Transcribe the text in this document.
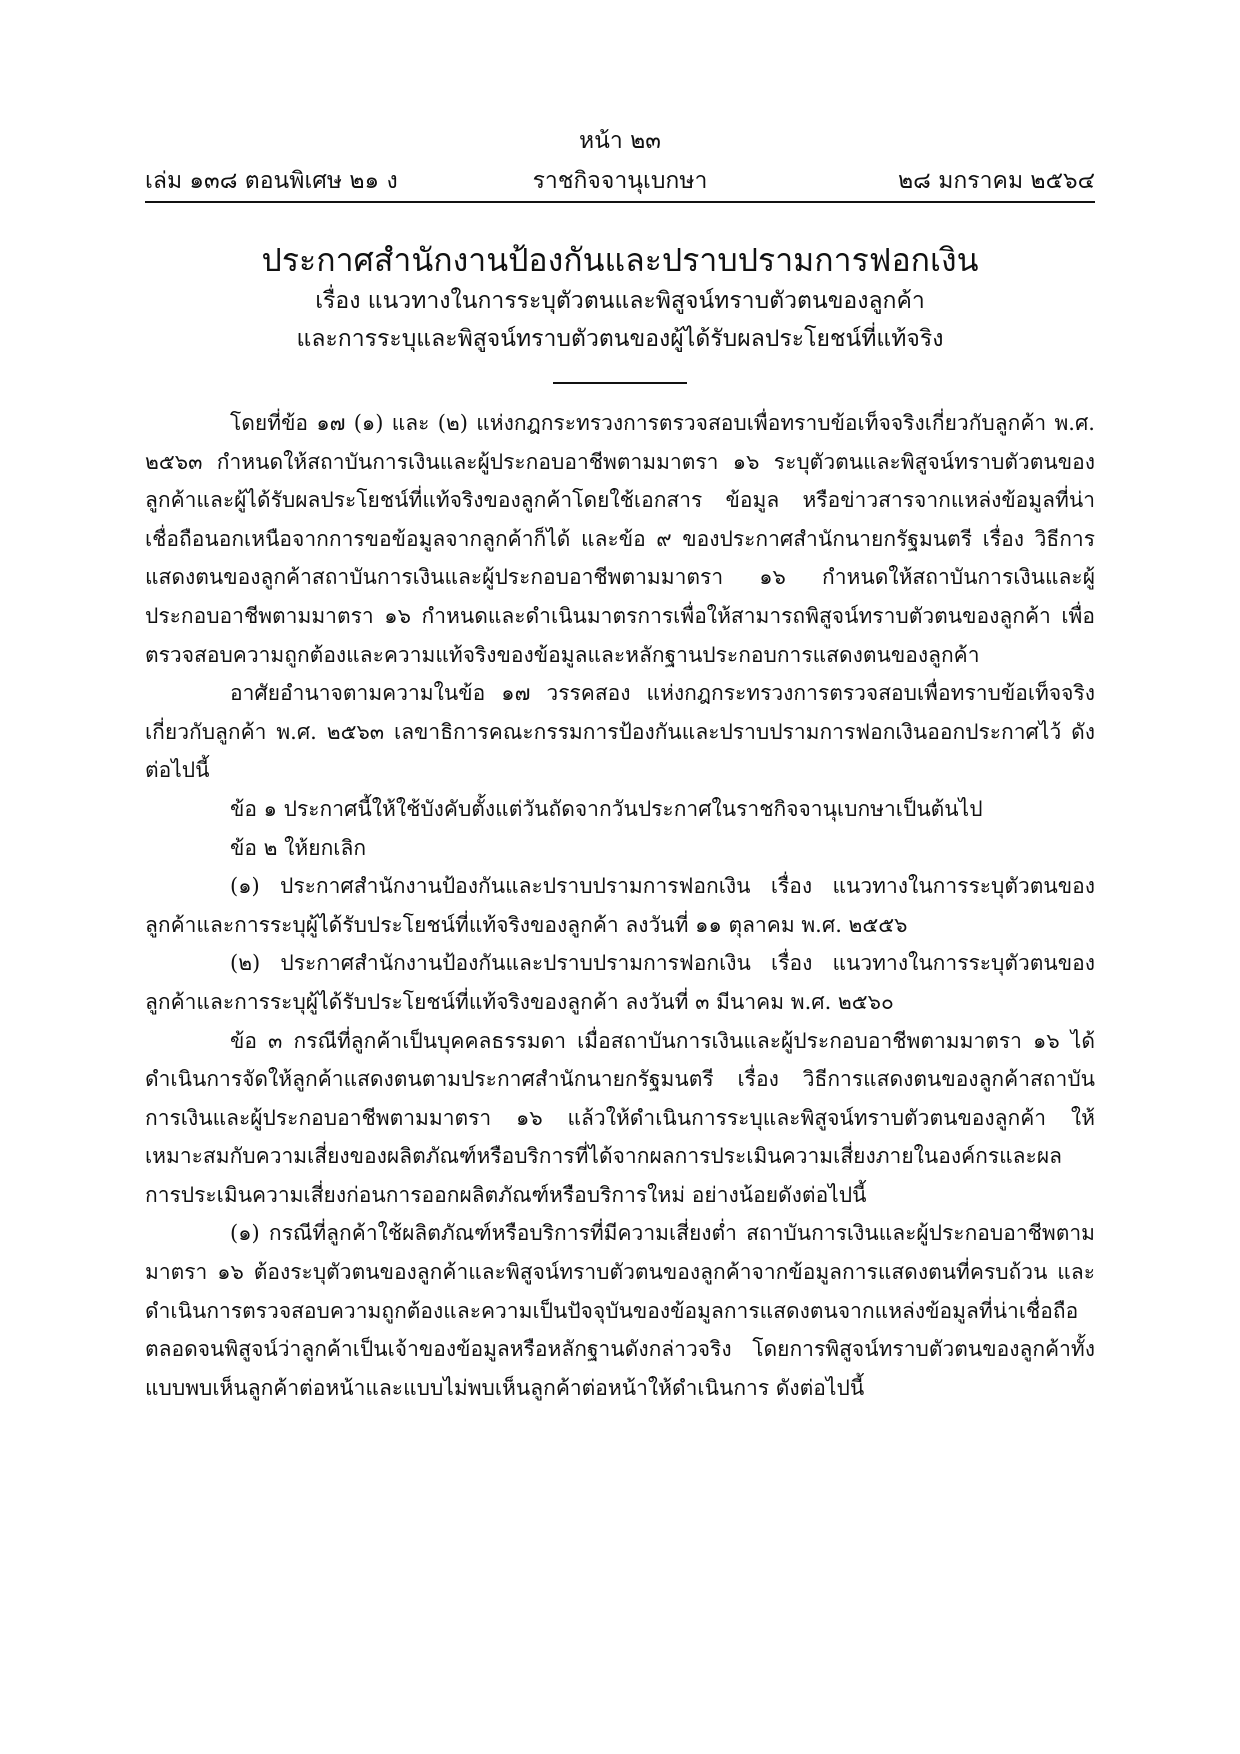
หน้า ๒๓
ราชกิจจานุเบกษา
เล่ม ๑๓๘ ตอนพิเศษ ๒๑ ง	๒๘ มกราคม ๒๕๖๔

ประกาศสำนักงานป้องกันและปราบปรามการฟอกเงิน

เรื่อง แนวทางในการระบุตัวตนและพิสูจน์ทราบตัวตนของลูกค้า

และการระบุและพิสูจน์ทราบตัวตนของผู้ได้รับผลประโยชน์ที่แท้จริง

โดยที่ข้อ ๑๗ (๑) และ (๒) แห่งกฎกระทรวงการตรวจสอบเพื่อทราบข้อเท็จจริงเกี่ยวกับลูกค้า พ.ศ. ๒๕๖๓ กำหนดให้สถาบันการเงินและผู้ประกอบอาชีพตามมาตรา ๑๖ ระบุตัวตนและพิสูจน์ทราบตัวตนของลูกค้าและผู้ได้รับผลประโยชน์ที่แท้จริงของลูกค้าโดยใช้เอกสาร ข้อมูล หรือข่าวสารจากแหล่งข้อมูลที่น่าเชื่อถือนอกเหนือจากการขอข้อมูลจากลูกค้าก็ได้ และข้อ ๙ ของประกาศสำนักนายกรัฐมนตรี เรื่อง วิธีการแสดงตนของลูกค้าสถาบันการเงินและผู้ประกอบอาชีพตามมาตรา ๑๖ กำหนดให้สถาบันการเงินและผู้ประกอบอาชีพตามมาตรา ๑๖ กำหนดและดำเนินมาตรการเพื่อให้สามารถพิสูจน์ทราบตัวตนของลูกค้า เพื่อตรวจสอบความถูกต้องและความแท้จริงของข้อมูลและหลักฐานประกอบการแสดงตนของลูกค้า

อาศัยอำนาจตามความในข้อ ๑๗ วรรคสอง แห่งกฎกระทรวงการตรวจสอบเพื่อทราบข้อเท็จจริงเกี่ยวกับลูกค้า พ.ศ. ๒๕๖๓ เลขาธิการคณะกรรมการป้องกันและปราบปรามการฟอกเงินออกประกาศไว้ ดังต่อไปนี้

ข้อ ๑ ประกาศนี้ให้ใช้บังคับตั้งแต่วันถัดจากวันประกาศในราชกิจจานุเบกษาเป็นต้นไป

ข้อ ๒ ให้ยกเลิก

(๑) ประกาศสำนักงานป้องกันและปราบปรามการฟอกเงิน เรื่อง แนวทางในการระบุตัวตนของลูกค้าและการระบุผู้ได้รับประโยชน์ที่แท้จริงของลูกค้า ลงวันที่ ๑๑ ตุลาคม พ.ศ. ๒๕๕๖

(๒) ประกาศสำนักงานป้องกันและปราบปรามการฟอกเงิน เรื่อง แนวทางในการระบุตัวตนของลูกค้าและการระบุผู้ได้รับประโยชน์ที่แท้จริงของลูกค้า ลงวันที่ ๓ มีนาคม พ.ศ. ๒๕๖๐

ข้อ ๓ กรณีที่ลูกค้าเป็นบุคคลธรรมดา เมื่อสถาบันการเงินและผู้ประกอบอาชีพตามมาตรา ๑๖ ได้ดำเนินการจัดให้ลูกค้าแสดงตนตามประกาศสำนักนายกรัฐมนตรี เรื่อง วิธีการแสดงตนของลูกค้าสถาบันการเงินและผู้ประกอบอาชีพตามมาตรา ๑๖ แล้วให้ดำเนินการระบุและพิสูจน์ทราบตัวตนของลูกค้า ให้เหมาะสมกับความเสี่ยงของผลิตภัณฑ์หรือบริการที่ได้จากผลการประเมินความเสี่ยงภายในองค์กรและผลการประเมินความเสี่ยงก่อนการออกผลิตภัณฑ์หรือบริการใหม่ อย่างน้อยดังต่อไปนี้

(๑) กรณีที่ลูกค้าใช้ผลิตภัณฑ์หรือบริการที่มีความเสี่ยงต่ำ สถาบันการเงินและผู้ประกอบอาชีพตามมาตรา ๑๖ ต้องระบุตัวตนของลูกค้าและพิสูจน์ทราบตัวตนของลูกค้าจากข้อมูลการแสดงตนที่ครบถ้วน และดำเนินการตรวจสอบความถูกต้องและความเป็นปัจจุบันของข้อมูลการแสดงตนจากแหล่งข้อมูลที่น่าเชื่อถือ ตลอดจนพิสูจน์ว่าลูกค้าเป็นเจ้าของข้อมูลหรือหลักฐานดังกล่าวจริง โดยการพิสูจน์ทราบตัวตนของลูกค้าทั้งแบบพบเห็นลูกค้าต่อหน้าและแบบไม่พบเห็นลูกค้าต่อหน้าให้ดำเนินการ ดังต่อไปนี้
